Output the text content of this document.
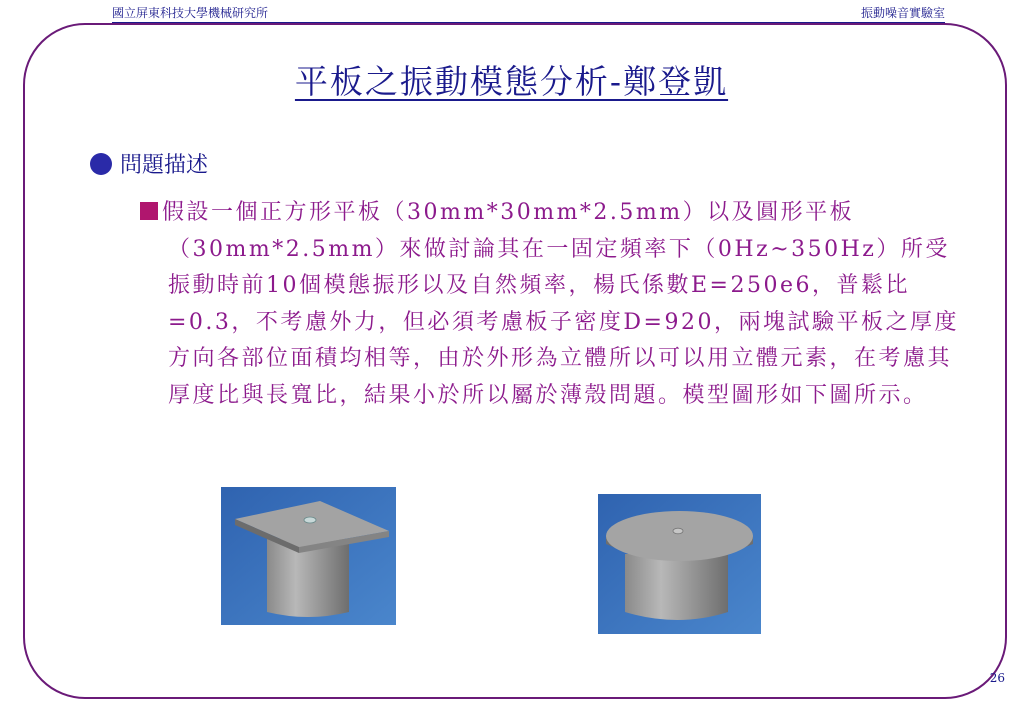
國立屏東科技大學機械研究所	振動噪音實驗室
平板之振動模態分析-鄭登凱
問題描述

假設一個正方形平板（30mm*30mm*2.5mm）以及圓形平板（30mm*2.5mm）來做討論其在一固定頻率下（0Hz~350Hz）所受振動時前10個模態振形以及自然頻率，楊氏係數E=250e6，普鬆比=0.3，不考慮外力，但必須考慮板子密度D=920，兩塊試驗平板之厚度方向各部位面積均相等，由於外形為立體所以可以用立體元素，在考慮其厚度比與長寬比，結果小於所以屬於薄殼問題。模型圖形如下圖所示。

26
